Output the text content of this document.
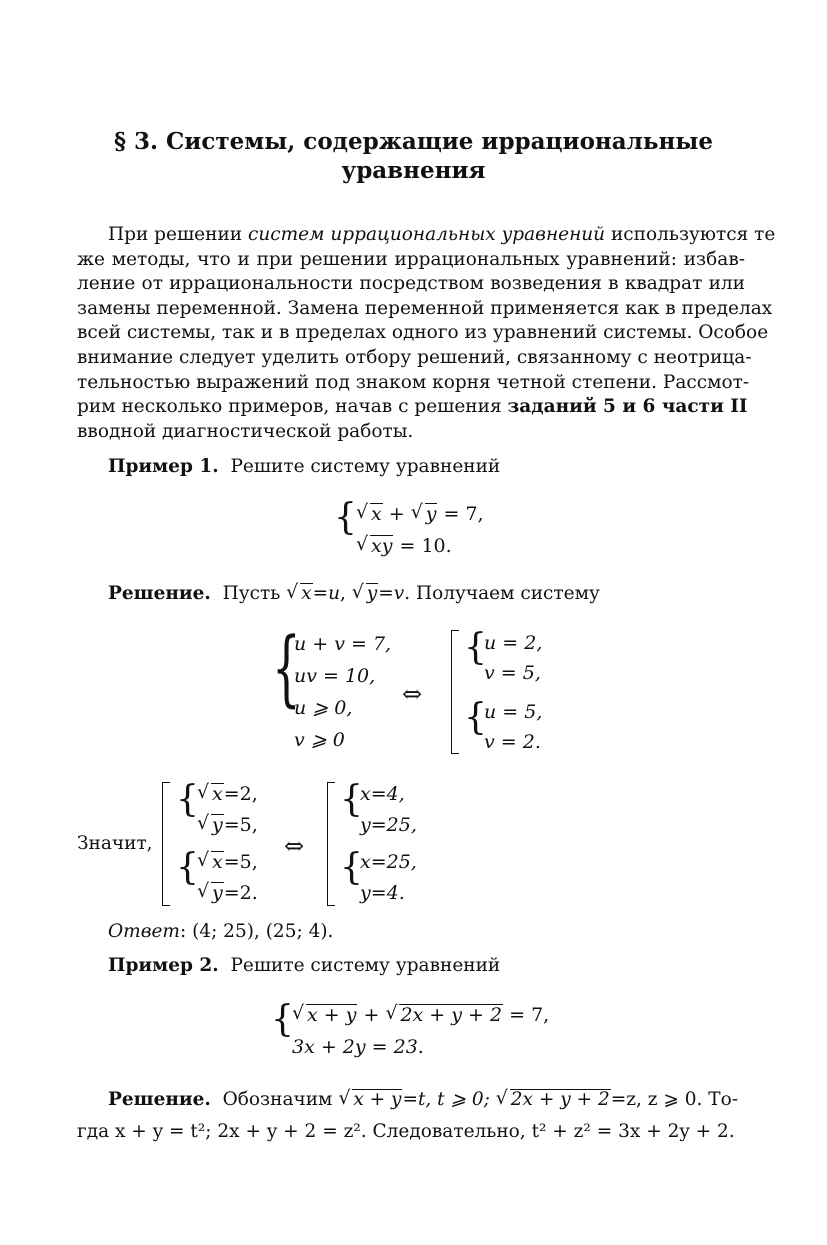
§ 3. Системы, содержащие иррациональные
уравнения
При решении систем иррациональных уравнений используются те
же методы, что и при решении иррациональных уравнений: избав-
ление от иррациональности посредством возведения в квадрат или
замены переменной. Замена переменной применяется как в пределах
всей системы, так и в пределах одного из уравнений системы. Особое
внимание следует уделить отбору решений, связанному с неотрица-
тельностью выражений под знаком корня четной степени. Рассмот-
рим несколько примеров, начав с решения заданий 5 и 6 части II
вводной диагностической работы.
Пример 1. Решите систему уравнений
{ √ x + √ y = 7,
√ xy = 10.
Решение. Пусть √ x=u, √ y=v. Получаем систему
{
u + v = 7,
uv = 10,
u ⩾ 0,
v ⩾ 0
⇔
{
u = 2,
v = 5,
{
u = 5,
v = 2.
Значит,
{ √ x=2,
√ y=5,
{ √ x=5,
√ y=2.
⇔
{
x=4,
y=25,
{
x=25,
y=4.
Ответ: (4; 25), (25; 4).
Пример 2. Решите систему уравнений
{ √ x + y + √ 2x + y + 2 = 7,
3x + 2y = 23.
Решение. Обозначим √ x + y=t, t ⩾ 0; √ 2x + y + 2=z, z ⩾ 0. То-
гда x + y = t²; 2x + y + 2 = z². Следовательно, t² + z² = 3x + 2y + 2.
